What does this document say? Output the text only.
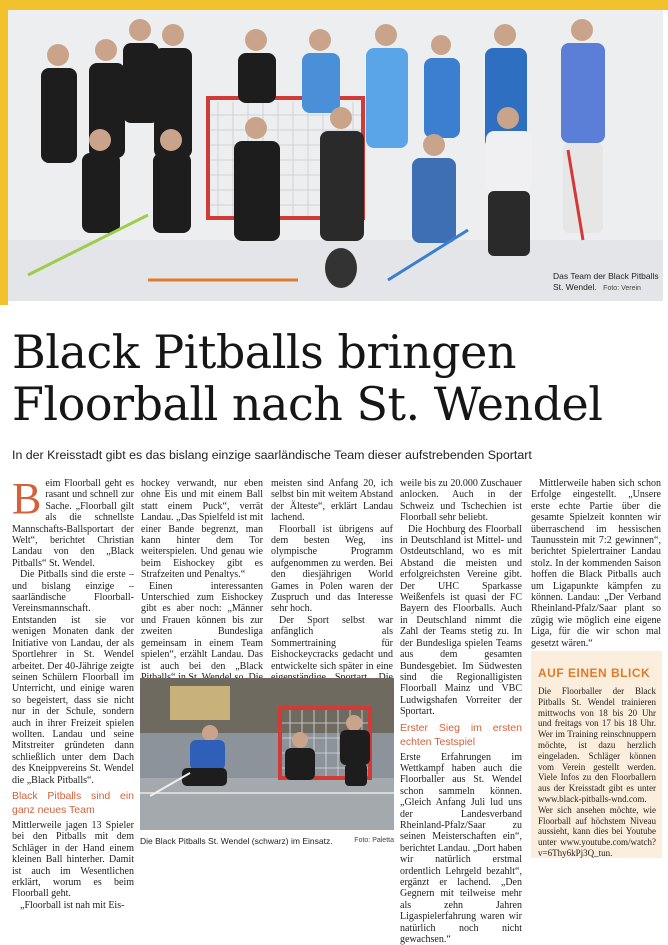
Das Team der Black Pitballs St. Wendel. Foto: Verein
Black Pitballs bringen Floorball nach St. Wendel
In der Kreisstadt gibt es das bislang einzige saarländische Team dieser aufstrebenden Sportart
B eim Floorball geht es rasant und schnell zur Sache. „Floorball gilt als die schnellste Mannschafts-Ballsportart der Welt“, berichtet Christian Landau von den „Black Pitballs“ St. Wendel.

Die Pitballs sind die erste – und bislang einzige – saarländische Floorball-Vereinsmannschaft. Entstanden ist sie vor wenigen Monaten dank der Initiative von Landau, der als Sportlehrer in St. Wendel arbeitet. Der 40-Jährige zeigte seinen Schülern Floorball im Unterricht, und einige waren so begeistert, dass sie nicht nur in der Schule, sondern auch in ihrer Freizeit spielen wollten. Landau und seine Mitstreiter gründeten dann schließlich unter dem Dach des Kneippvereins St. Wendel die „Black Pitballs“.

Black Pitballs sind ein ganz neues Team

Mittlerweile jagen 13 Spieler bei den Pitballs mit dem Schläger in der Hand einem kleinen Ball hinterher. Damit ist auch im Wesentlichen erklärt, worum es beim Floorball geht.

„Floorball ist nah mit Eis-

hockey verwandt, nur eben ohne Eis und mit einem Ball statt einem Puck“, verrät Landau. „Das Spielfeld ist mit einer Bande begrenzt, man kann hinter dem Tor weiterspielen. Und genau wie beim Eishockey gibt es Strafzeiten und Penaltys.“

Einen interessanten Unterschied zum Eishockey gibt es aber noch: „Männer und Frauen können bis zur zweiten Bundesliga gemeinsam in einem Team spielen“, erzählt Landau. Das ist auch bei den „Black

meisten sind Anfang 20, ich selbst bin mit weitem Abstand der Älteste“, erklärt Landau lachend.

Floorball ist übrigens auf dem besten Weg, ins olympische Programm aufgenommen zu werden. Bei den diesjährigen World Games in Polen waren der Zuspruch und das Interesse sehr hoch.

Der Sport selbst war anfänglich als Sommertraining für Eishockeycracks gedacht und entwickelte sich später in eine

weile bis zu 20.000 Zuschauer anlocken. Auch in der Schweiz und Tschechien ist Floorball sehr beliebt.

Die Hochburg des Floorball in Deutschland ist Mittel- und Ostdeutschland, wo es mit Abstand die meisten und erfolgreichsten Vereine gibt. Der UHC Sparkasse Weißenfels ist quasi der FC Bayern des Floorballs. Auch in Deutschland nimmt die Zahl der Teams stetig zu. In der Bundesliga spielen Teams aus dem gesamten Bundesgebiet. Im Südwesten sind die Regionalligisten Floorball Mainz und VBC Ludwigshafen Vorreiter der Sportart.

Erster Sieg im ersten echten Testspiel

Erste Erfahrungen im Wettkampf haben auch die Floorballer aus St. Wendel schon sammeln können. „Gleich Anfang Juli lud uns der Landesverband Rheinland-Pfalz/Saar zu seinen Meisterschaften ein“, berichtet Landau. „Dort haben wir natürlich erstmal ordentlich Lehrgeld bezahlt“, ergänzt er lachend. „Den Gegnern mit teilweise mehr als zehn Jahren Ligaspielerfahrung waren wir natürlich noch nicht gewachsen.“

Mittlerweile haben sich schon Erfolge eingestellt. „Unsere erste echte Partie über die gesamte Spielzeit konnten wir überraschend im hessischen Taunusstein mit 7:2 gewinnen“, berichtet Spielertrainer Landau stolz. In der kommenden Saison hoffen die Black Pitballs auch um Ligapunkte kämpfen zu können. Landau: „Der Verband Rheinland-Pfalz/Saar plant so zügig wie möglich eine eigene Liga, für die wir schon mal gesetzt wären.“

Die Black Pitballs St. Wendel (schwarz) im Einsatz.	Foto: Paletta
AUF EINEN BLICK
Die Floorballer der Black Pitballs St. Wendel trainieren mittwochs von 18 bis 20 Uhr und freitags von 17 bis 18 Uhr. Wer im Training reinschnuppern möchte, ist dazu herzlich eingeladen. Schläger können vom Verein gestellt werden. Viele Infos zu den Floorballern aus der Kreisstadt gibt es unter www.black-pitballs-wnd.com. Wer sich ansehen möchte, wie Floorball auf höchstem Niveau aussieht, kann dies bei Youtube unter www.youtube.com/watch?v=6Thy6kPj3Q_tun.
